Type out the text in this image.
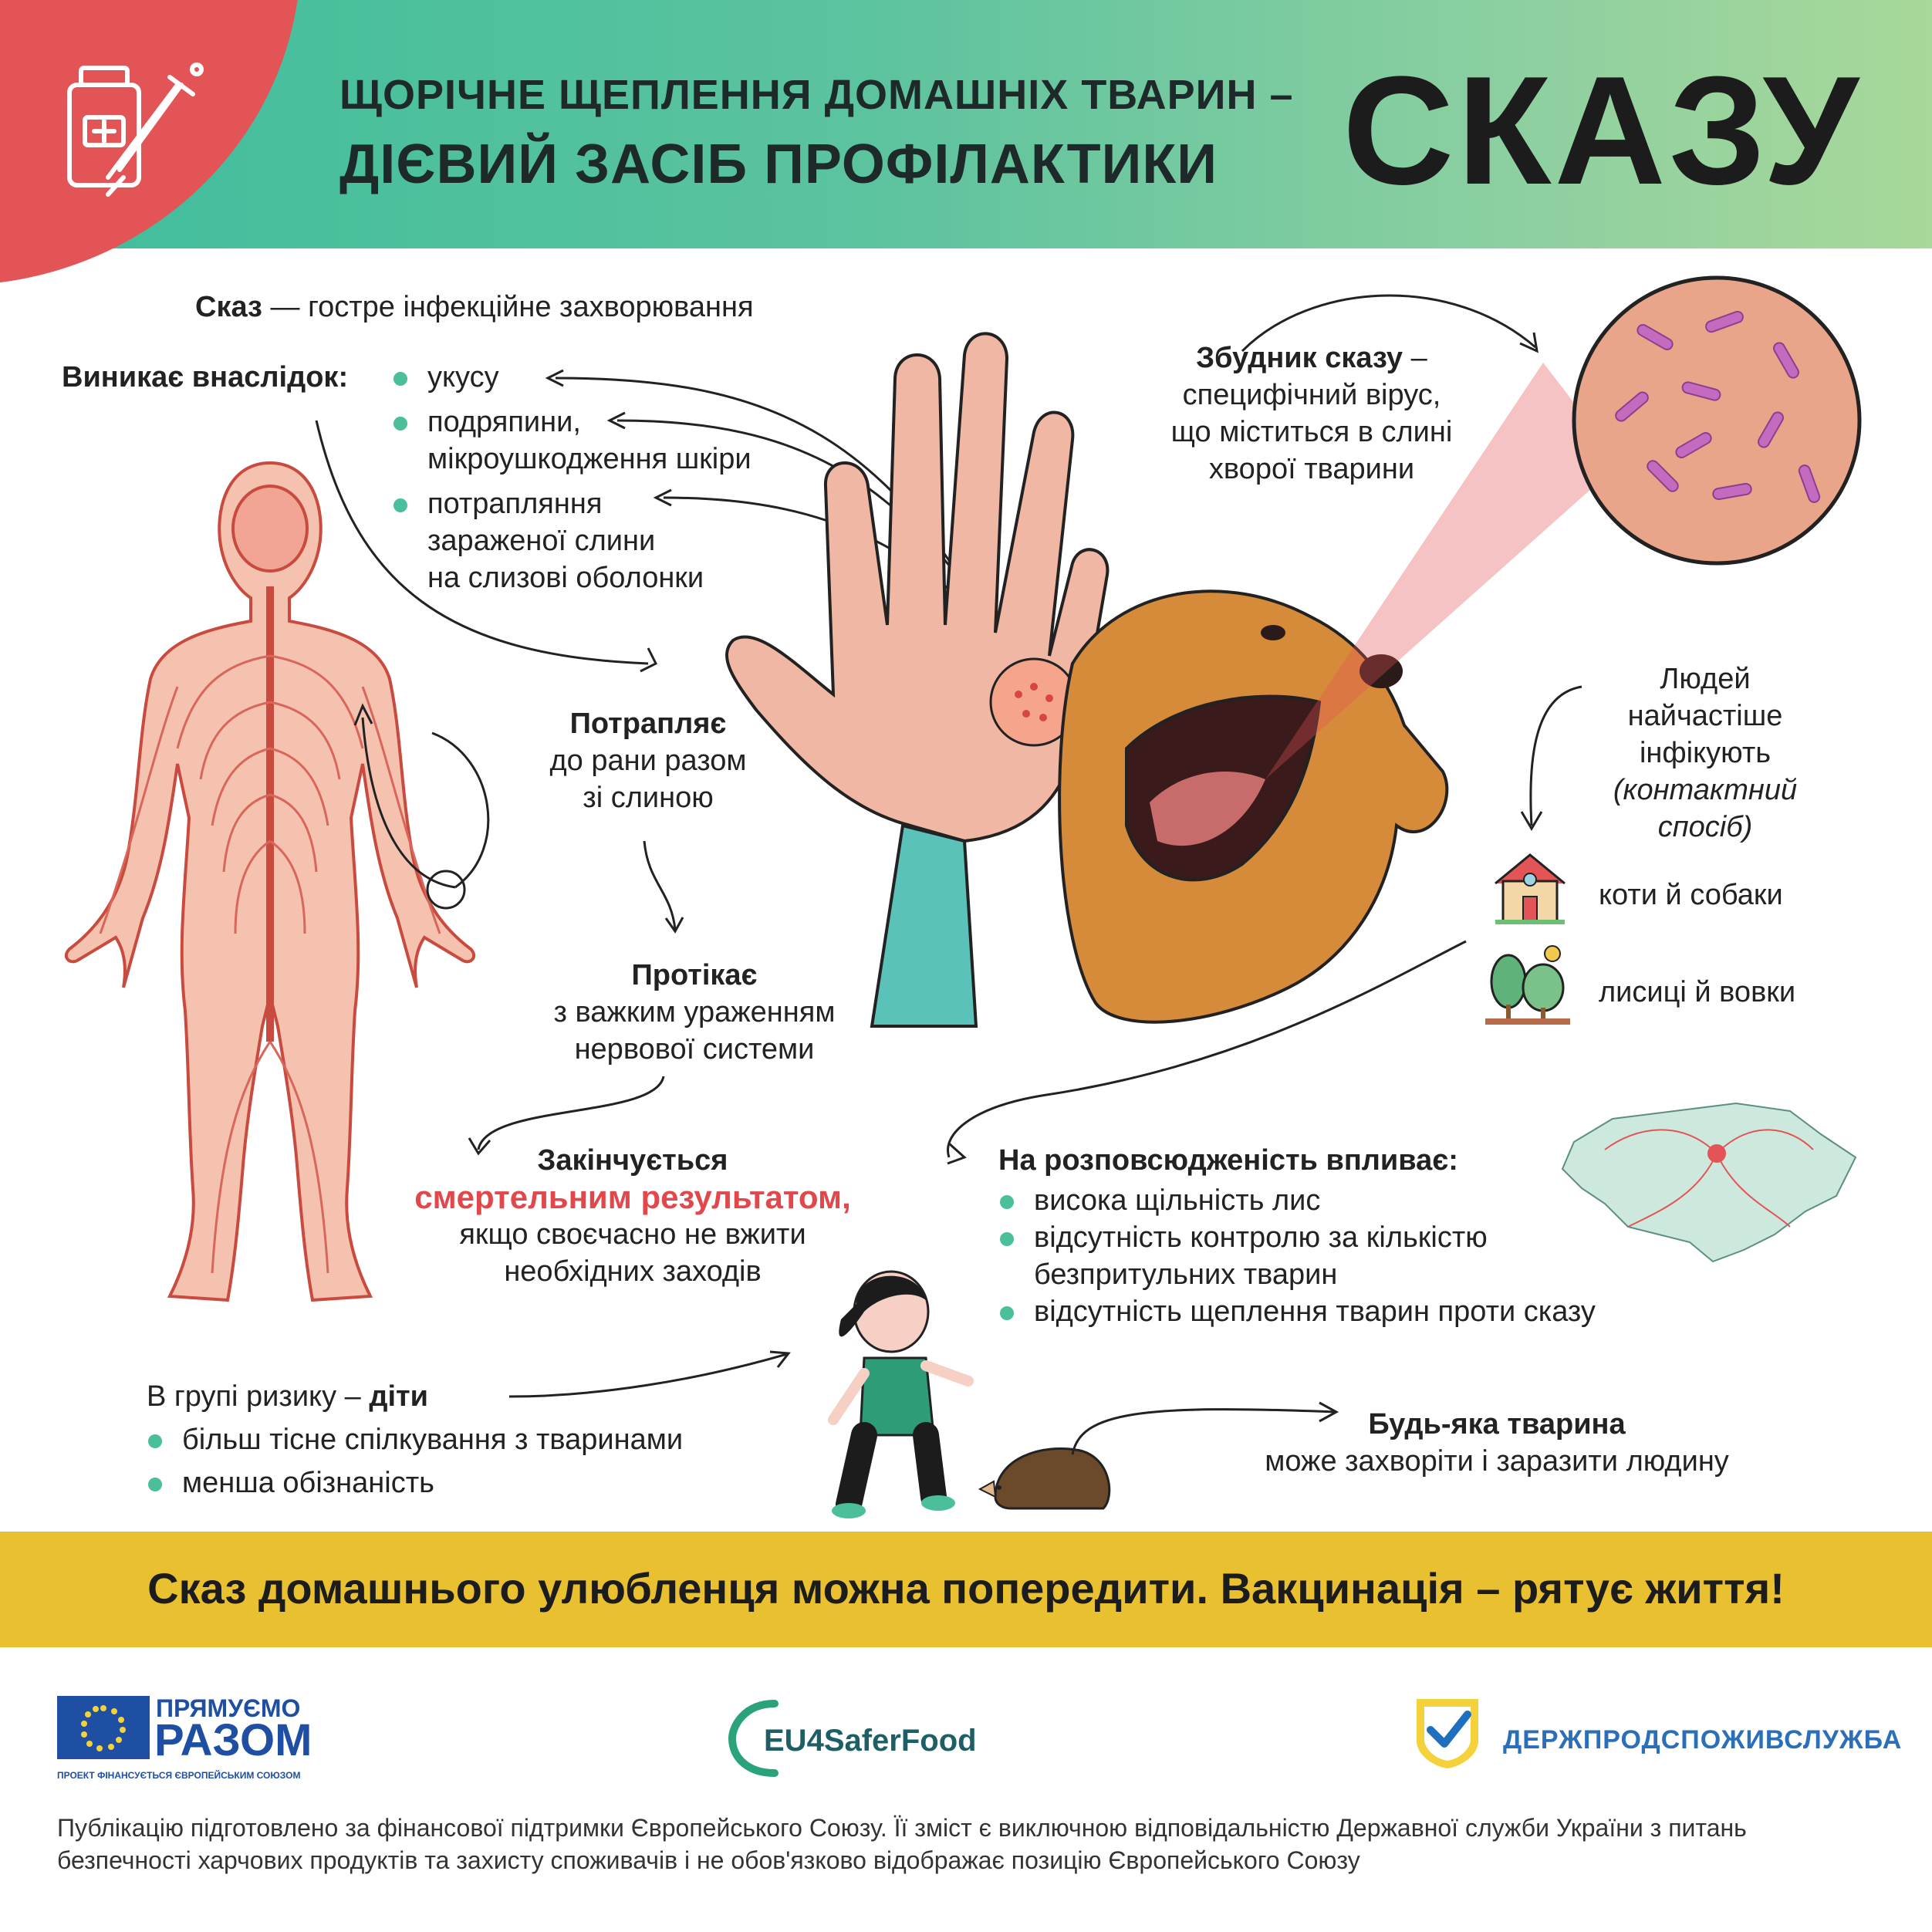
ЩОРІЧНЕ ЩЕПЛЕННЯ ДОМАШНІХ ТВАРИН –
ДІЄВИЙ ЗАСІБ ПРОФІЛАКТИКИ СКАЗУ
Сказ — гостре інфекційне захворювання
Виникає внаслідок:	укусу
подряпини,
мікроушкодження шкіри
потрапляння
зараженої слини
на слизові оболонки
Потрапляє
до рани разом
зі слиною
Протікає
з важким ураженням
нервової системи
Закінчується
смертельним результатом,
якщо своєчасно не вжити
необхідних заходів
Збудник сказу –
специфічний вірус,
що міститься в слині
хворої тварини
Людей
найчастіше
інфікують
(контактний
спосіб)
коти й собаки
лисиці й вовки
На розповсюдженість впливає:
висока щільність лис
відсутність контролю за кількістю
безпритульних тварин
відсутність щеплення тварин проти сказу
В групі ризику – діти
більш тісне спілкування з тваринами
менша обізнаність
Будь-яка тварина
може захворіти і заразити людину
Сказ домашнього улюбленця можна попередити. Вакцинація – рятує життя!
ПРЯМУЄМО
РАЗОМ
ПРОЕКТ ФІНАНСУЄТЬСЯ ЄВРОПЕЙСЬКИМ СОЮЗОМ
EU4SaferFood	ДЕРЖПРОДСПОЖИВСЛУЖБА
Публікацію підготовлено за фінансової підтримки Європейського Союзу. Її зміст є виключною відповідальністю Державної служби України з питань безпечності харчових продуктів та захисту споживачів і не обов'язково відображає позицію Європейського Союзу
